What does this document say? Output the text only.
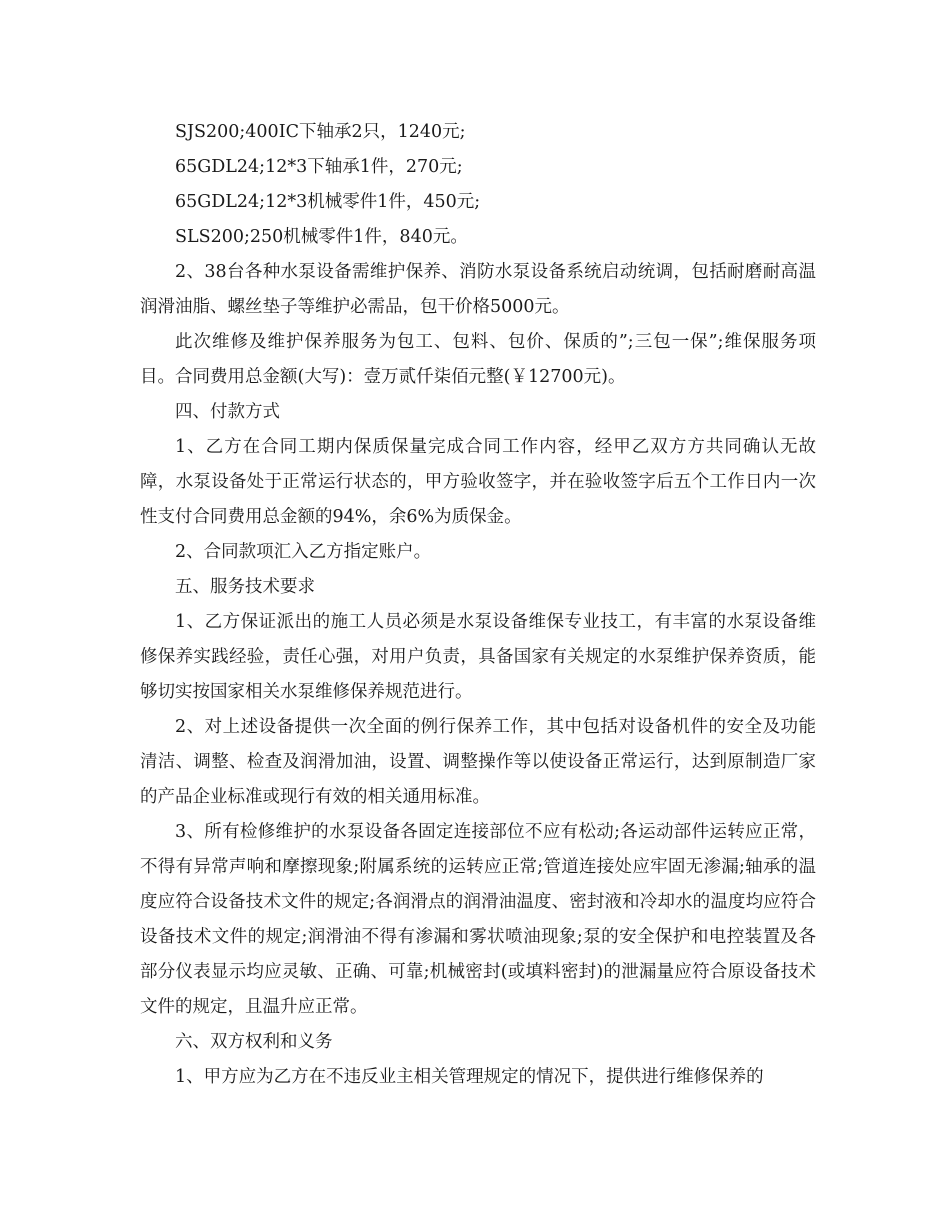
SJS200;400IC下轴承2只，1240元;

65GDL24;12*3下轴承1件，270元;

65GDL24;12*3机械零件1件，450元;

SLS200;250机械零件1件，840元。

2、38台各种水泵设备需维护保养、消防水泵设备系统启动统调，包括耐磨耐高温润滑油脂、螺丝垫子等维护必需品，包干价格5000元。

此次维修及维护保养服务为包工、包料、包价、保质的”;三包一保”;维保服务项目。合同费用总金额(大写)：壹万贰仟柒佰元整(￥12700元)。

四、付款方式

1、乙方在合同工期内保质保量完成合同工作内容，经甲乙双方方共同确认无故障，水泵设备处于正常运行状态的，甲方验收签字，并在验收签字后五个工作日内一次性支付合同费用总金额的94%，余6%为质保金。

2、合同款项汇入乙方指定账户。

五、服务技术要求

1、乙方保证派出的施工人员必须是水泵设备维保专业技工，有丰富的水泵设备维修保养实践经验，责任心强，对用户负责，具备国家有关规定的水泵维护保养资质，能够切实按国家相关水泵维修保养规范进行。

2、对上述设备提供一次全面的例行保养工作，其中包括对设备机件的安全及功能清洁、调整、检查及润滑加油，设置、调整操作等以使设备正常运行，达到原制造厂家的产品企业标准或现行有效的相关通用标准。

3、所有检修维护的水泵设备各固定连接部位不应有松动;各运动部件运转应正常，不得有异常声响和摩擦现象;附属系统的运转应正常;管道连接处应牢固无渗漏;轴承的温度应符合设备技术文件的规定;各润滑点的润滑油温度、密封液和冷却水的温度均应符合设备技术文件的规定;润滑油不得有渗漏和雾状喷油现象;泵的安全保护和电控装置及各部分仪表显示均应灵敏、正确、可靠;机械密封(或填料密封)的泄漏量应符合原设备技术文件的规定，且温升应正常。

六、双方权利和义务

1、甲方应为乙方在不违反业主相关管理规定的情况下，提供进行维修保养的
